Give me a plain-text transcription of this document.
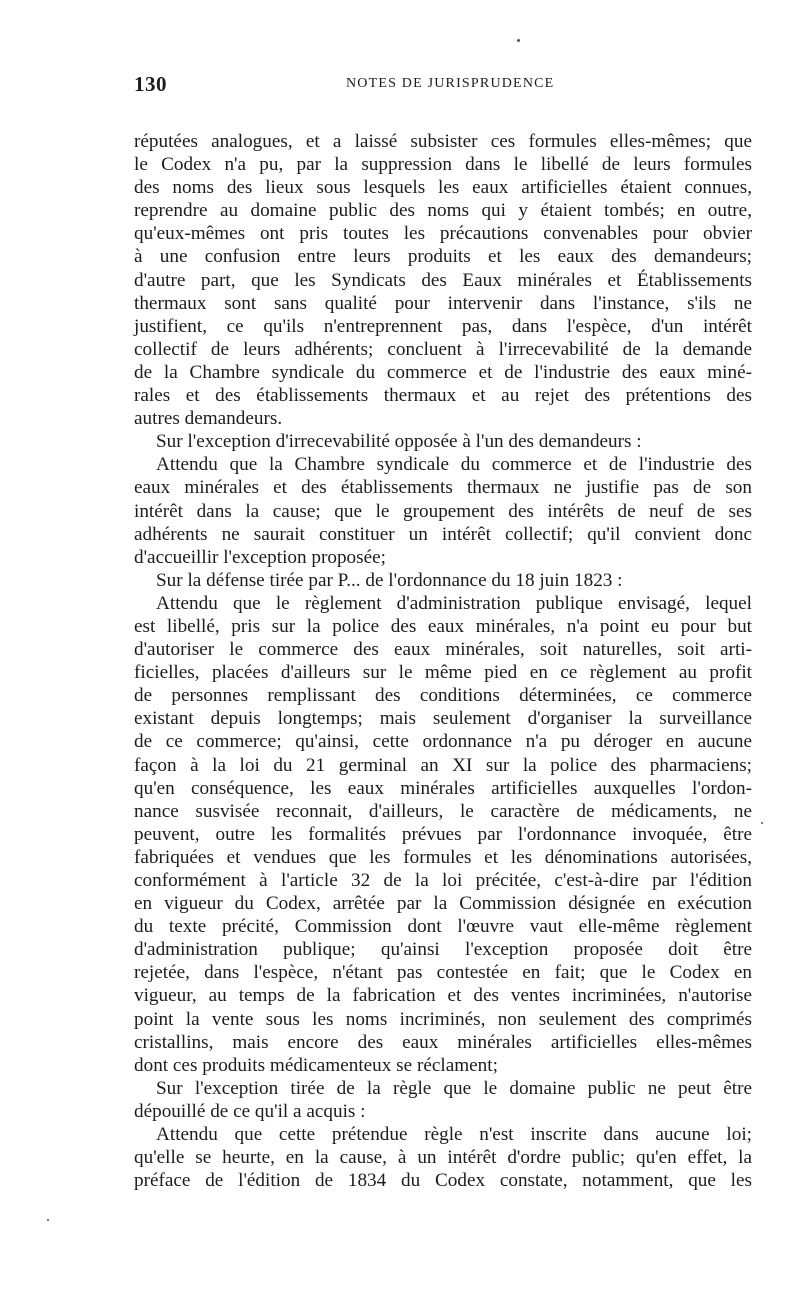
130	NOTES DE JURISPRUDENCE
réputées analogues, et a laissé subsister ces formules elles-mêmes; que
le Codex n'a pu, par la suppression dans le libellé de leurs formules
des noms des lieux sous lesquels les eaux artificielles étaient connues,
reprendre au domaine public des noms qui y étaient tombés; en outre,
qu'eux-mêmes ont pris toutes les précautions convenables pour obvier
à une confusion entre leurs produits et les eaux des demandeurs;
d'autre part, que les Syndicats des Eaux minérales et Établissements
thermaux sont sans qualité pour intervenir dans l'instance, s'ils ne
justifient, ce qu'ils n'entreprennent pas, dans l'espèce, d'un intérêt
collectif de leurs adhérents; concluent à l'irrecevabilité de la demande
de la Chambre syndicale du commerce et de l'industrie des eaux miné-
rales et des établissements thermaux et au rejet des prétentions des
autres demandeurs.
Sur l'exception d'irrecevabilité opposée à l'un des demandeurs :
Attendu que la Chambre syndicale du commerce et de l'industrie des
eaux minérales et des établissements thermaux ne justifie pas de son
intérêt dans la cause; que le groupement des intérêts de neuf de ses
adhérents ne saurait constituer un intérêt collectif; qu'il convient donc
d'accueillir l'exception proposée;
Sur la défense tirée par P... de l'ordonnance du 18 juin 1823 :
Attendu que le règlement d'administration publique envisagé, lequel
est libellé, pris sur la police des eaux minérales, n'a point eu pour but
d'autoriser le commerce des eaux minérales, soit naturelles, soit arti-
ficielles, placées d'ailleurs sur le même pied en ce règlement au profit
de personnes remplissant des conditions déterminées, ce commerce
existant depuis longtemps; mais seulement d'organiser la surveillance
de ce commerce; qu'ainsi, cette ordonnance n'a pu déroger en aucune
façon à la loi du 21 germinal an XI sur la police des pharmaciens;
qu'en conséquence, les eaux minérales artificielles auxquelles l'ordon-
nance susvisée reconnait, d'ailleurs, le caractère de médicaments, ne
peuvent, outre les formalités prévues par l'ordonnance invoquée, être
fabriquées et vendues que les formules et les dénominations autorisées,
conformément à l'article 32 de la loi précitée, c'est-à-dire par l'édition
en vigueur du Codex, arrêtée par la Commission désignée en exécution
du texte précité, Commission dont l'œuvre vaut elle-même règlement
d'administration publique; qu'ainsi l'exception proposée doit être
rejetée, dans l'espèce, n'étant pas contestée en fait; que le Codex en
vigueur, au temps de la fabrication et des ventes incriminées, n'autorise
point la vente sous les noms incriminés, non seulement des comprimés
cristallins, mais encore des eaux minérales artificielles elles-mêmes
dont ces produits médicamenteux se réclament;
Sur l'exception tirée de la règle que le domaine public ne peut être
dépouillé de ce qu'il a acquis :
Attendu que cette prétendue règle n'est inscrite dans aucune loi;
qu'elle se heurte, en la cause, à un intérêt d'ordre public; qu'en effet, la
préface de l'édition de 1834 du Codex constate, notamment, que les
